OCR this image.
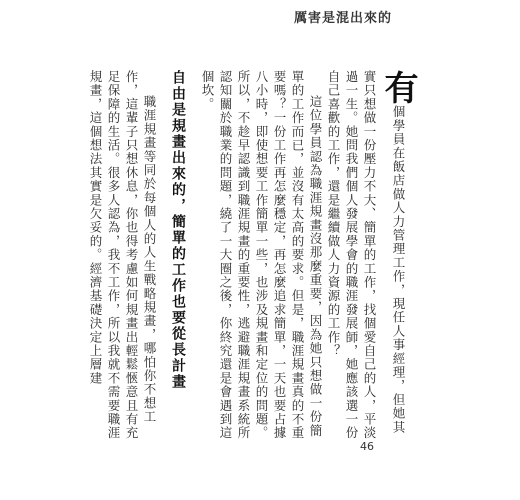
厲害是混出來的

有個學員在飯店做人力管理工作，現任人事經理，但她其實只想做一份壓力不大、簡單的工作，找個愛自己的人，平淡過一生。她問我們個人發展學會的職涯發展師，她應該選一份自己喜歡的工作，還是繼續做人力資源的工作？

這位學員認為職涯規畫沒那麼重要，因為她只想做一份簡單的工作而已，並沒有太高的要求。但是，職涯規畫真的不重要嗎？一份工作再怎麼穩定，再怎麼追求簡單，一天也要占據八小時，即使想要工作簡單一些，也涉及規畫和定位的問題。所以，不趁早認識到職涯規畫的重要性，逃避職涯規畫系統所認知關於職業的問題，繞了一大圈之後，你終究還是會遇到這個坎。

自由是規畫出來的，簡單的工作也要從長計畫

職涯規畫等同於每個人的人生戰略規畫，哪怕你不想工作，這輩子只想休息，你也得考慮如何規畫出輕鬆愜意且有充足保障的生活。很多人認為，我不工作，所以我就不需要職涯規畫，這個想法其實是欠妥的。經濟基礎決定上層建

46
